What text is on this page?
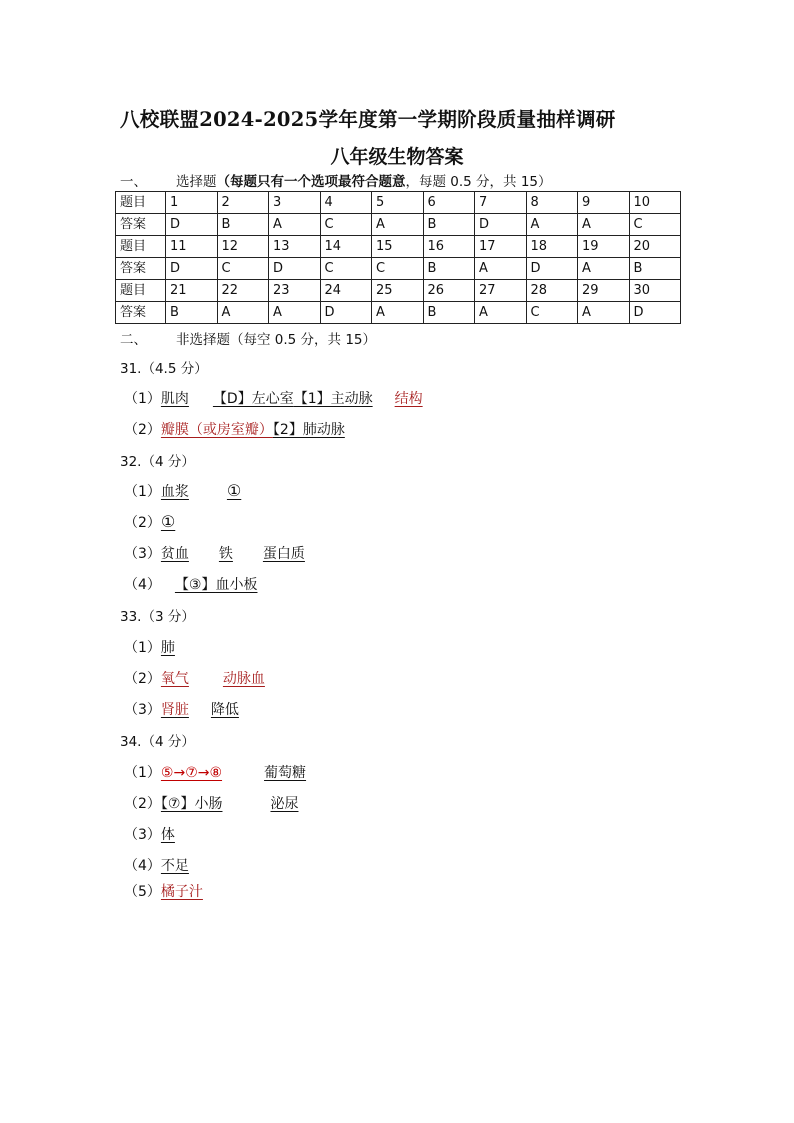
八校联盟2024-2025学年度第一学期阶段质量抽样调研
八年级生物答案
一、 选择题（每题只有一个选项最符合题意，每题 0.5 分，共 15）
题目	1	2	3	4	5	6	7	8	9	10
答案	D	B	A	C	A	B	D	A	A	C
题目	11	12	13	14	15	16	17	18	19	20
答案	D	C	D	C	C	B	A	D	A	B
题目	21	22	23	24	25	26	27	28	29	30
答案	B	A	A	D	A	B	A	C	A	D
二、 非选择题（每空 0.5 分，共 15）
31.（4.5 分）
（1）肌肉 【D】左心室【1】主动脉 结构
（2）瓣膜（或房室瓣）【2】肺动脉
32.（4 分）
（1）血浆 ①
（2）①
（3）贫血 铁 蛋白质
（4） 【③】血小板
33.（3 分）
（1）肺
（2）氧气 动脉血
（3）肾脏 降低
34.（4 分）
（1）⑤→⑦→⑧	葡萄糖
（2）【⑦】小肠	泌尿
（3）体
（4）不足
（5）橘子汁
